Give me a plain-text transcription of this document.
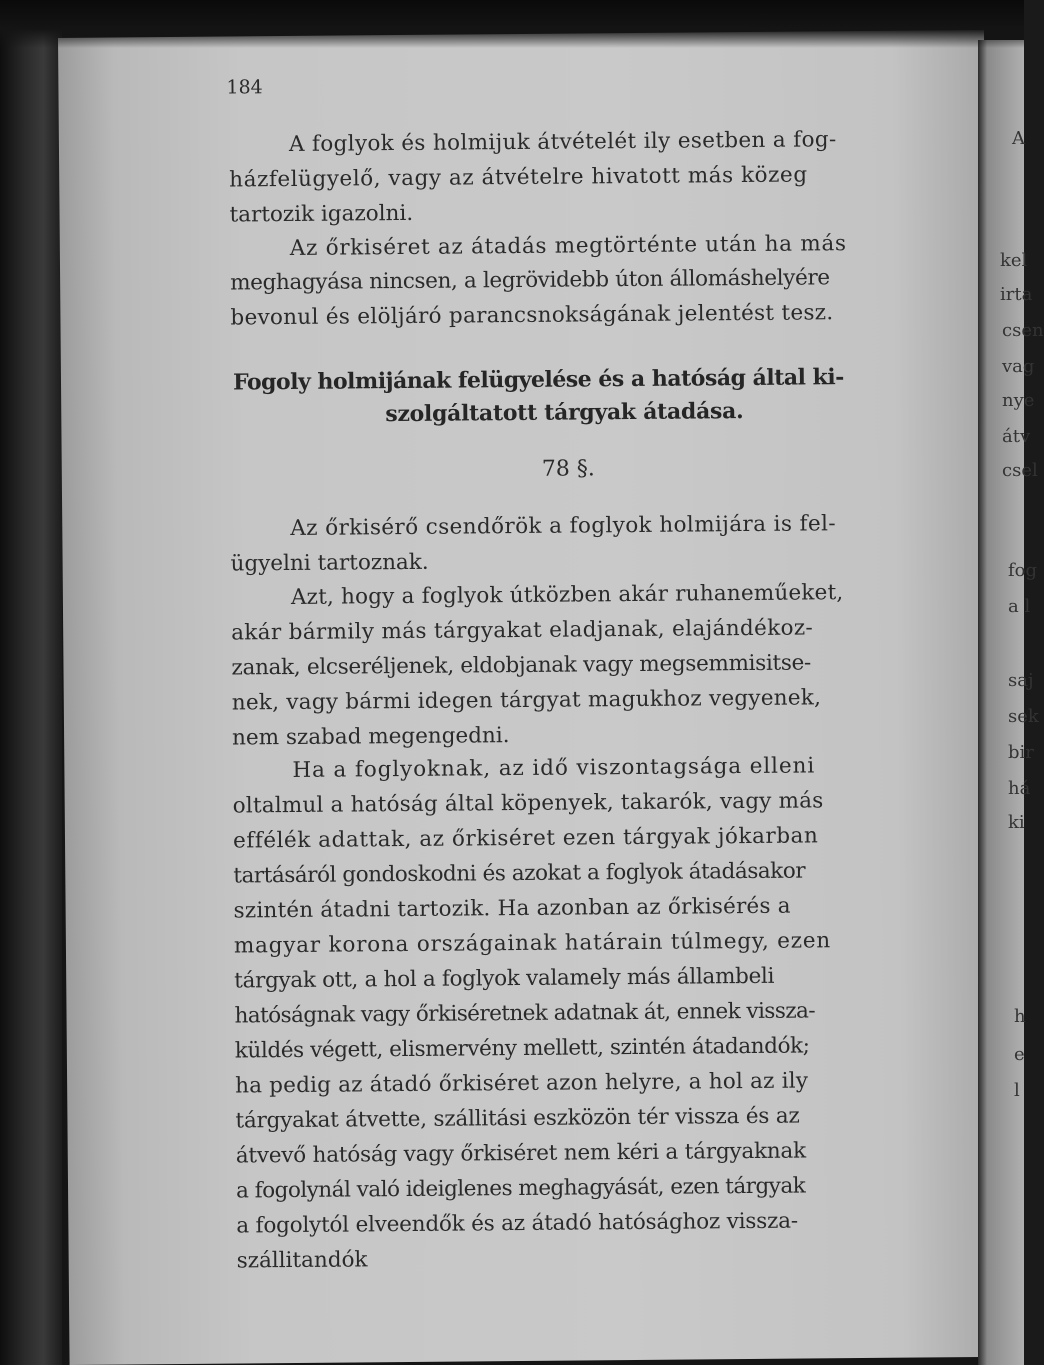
184
A foglyok és holmijuk átvételét ily esetben a fog-
házfelügyelő, vagy az átvételre hivatott más közeg
tartozik igazolni.
Az őrkiséret az átadás megtörténte után ha más
meghagyása nincsen, a legrövidebb úton állomáshelyére
bevonul és elöljáró parancsnokságának jelentést tesz.
Fogoly holmijának felügyelése és a hatóság által ki-
szolgáltatott tárgyak átadása.
78 §.
Az őrkisérő csendőrök a foglyok holmijára is fel-
ügyelni tartoznak.
Azt, hogy a foglyok útközben akár ruhaneműeket,
akár bármily más tárgyakat eladjanak, elajándékoz-
zanak, elcseréljenek, eldobjanak vagy megsemmisitse-
nek, vagy bármi idegen tárgyat magukhoz vegyenek,
nem szabad megengedni.
Ha a foglyoknak, az idő viszontagsága elleni
oltalmul a hatóság által köpenyek, takarók, vagy más
effélék adattak, az őrkiséret ezen tárgyak jókarban
tartásáról gondoskodni és azokat a foglyok átadásakor
szintén átadni tartozik. Ha azonban az őrkisérés a
magyar korona országainak határain túlmegy, ezen
tárgyak ott, a hol a foglyok valamely más állambeli
hatóságnak vagy őrkiséretnek adatnak át, ennek vissza-
küldés végett, elismervény mellett, szintén átadandók;
ha pedig az átadó őrkiséret azon helyre, a hol az ily
tárgyakat átvette, szállitási eszközön tér vissza és az
átvevő hatóság vagy őrkiséret nem kéri a tárgyaknak
a fogolynál való ideiglenes meghagyását, ezen tárgyak
a fogolytól elveendők és az átadó hatósághoz vissza-
szállitandók
A
kel
irta
csen
vag
nye
átv
csel
fog
a l
saj
sek
bir
há
ki
h
e
l
